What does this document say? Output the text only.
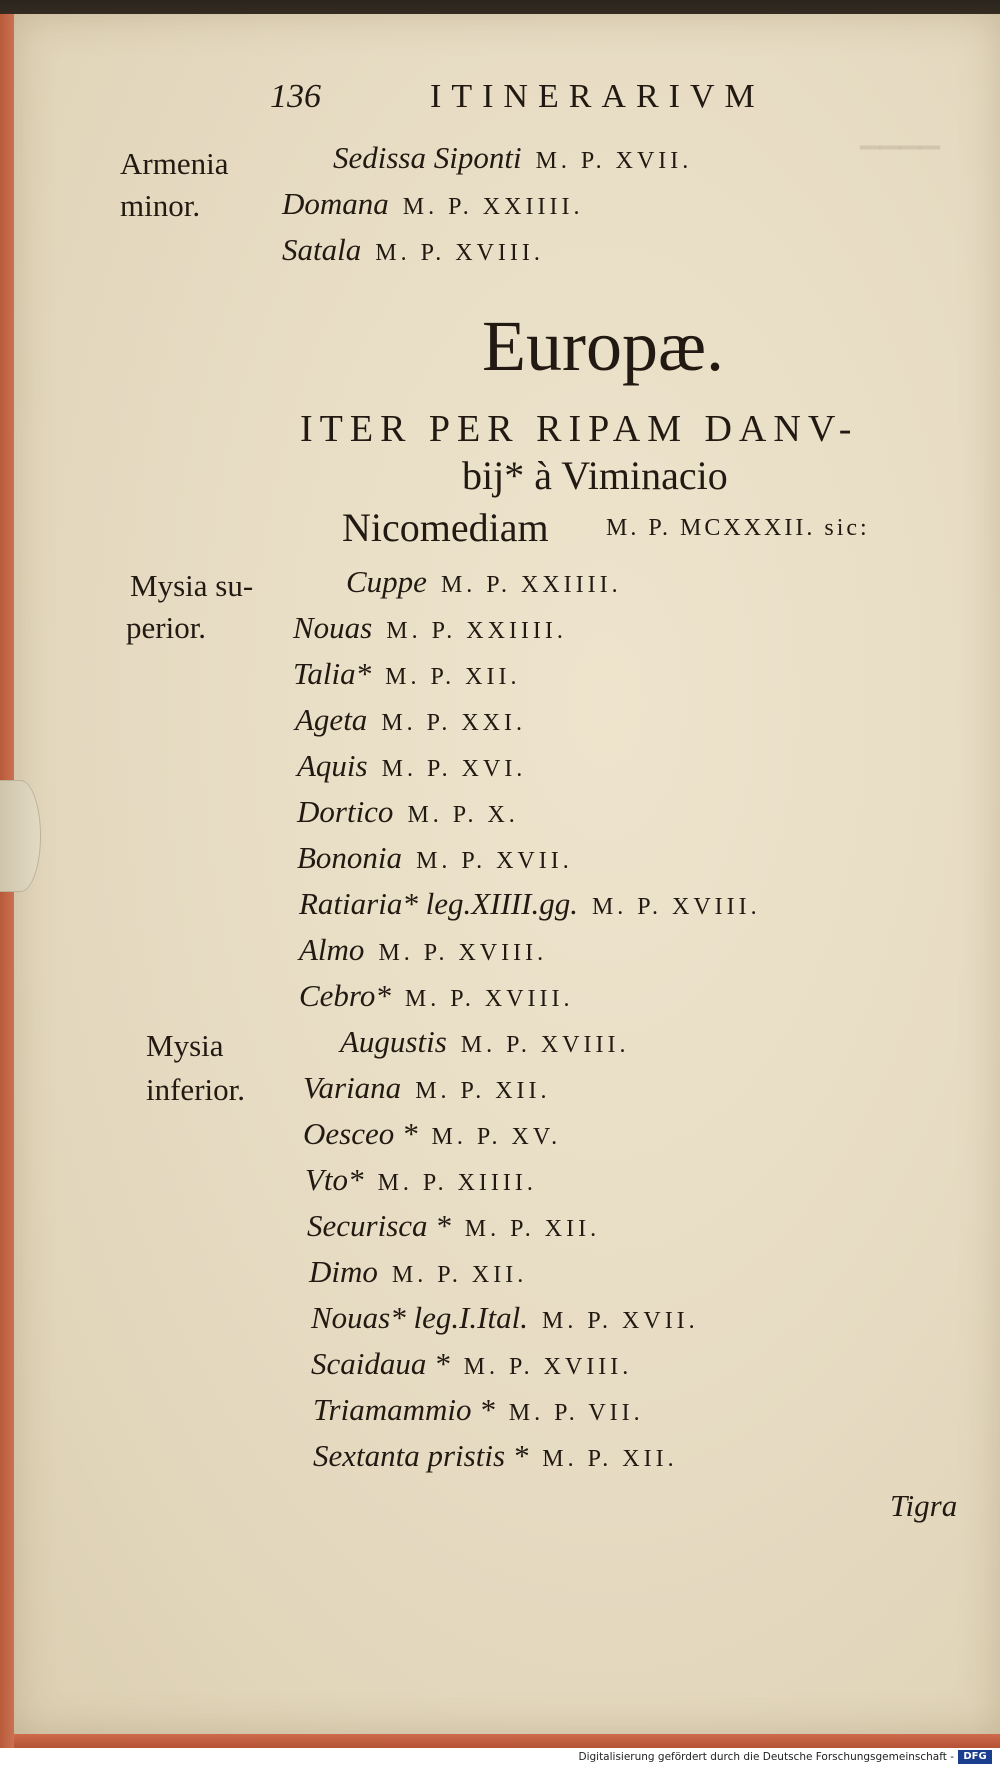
▁▁▁▁
136	ITINERARIVM
Armenia
minor.
Sedissa Siponti M. P. XVII.
Domana M. P. XXIIII.
Satala M. P. XVIII.
Europæ.
ITER PER RIPAM DANV-
bij* à Viminacio
Nicomediam M. P. MCXXXII. sic:
Mysia su-
perior.
Cuppe M. P. XXIIII.
Nouas M. P. XXIIII.
Talia* M. P. XII.
Ageta M. P. XXI.
Aquis M. P. XVI.
Dortico M. P. X.
Bononia M. P. XVII.
Ratiaria* leg.XIIII.gg. M. P. XVIII.
Almo M. P. XVIII.
Cebro* M. P. XVIII.
Mysia
inferior.
Augustis M. P. XVIII.
Variana M. P. XII.
Oesceo * M. P. XV.
Vto* M. P. XIIII.
Securisca * M. P. XII.
Dimo M. P. XII.
Nouas* leg.I.Ital. M. P. XVII.
Scaidaua * M. P. XVIII.
Triamammio * M. P. VII.
Sextanta pristis * M. P. XII.
Tigra
Digitalisierung gefördert durch die Deutsche Forschungsgemeinschaft - DFG
